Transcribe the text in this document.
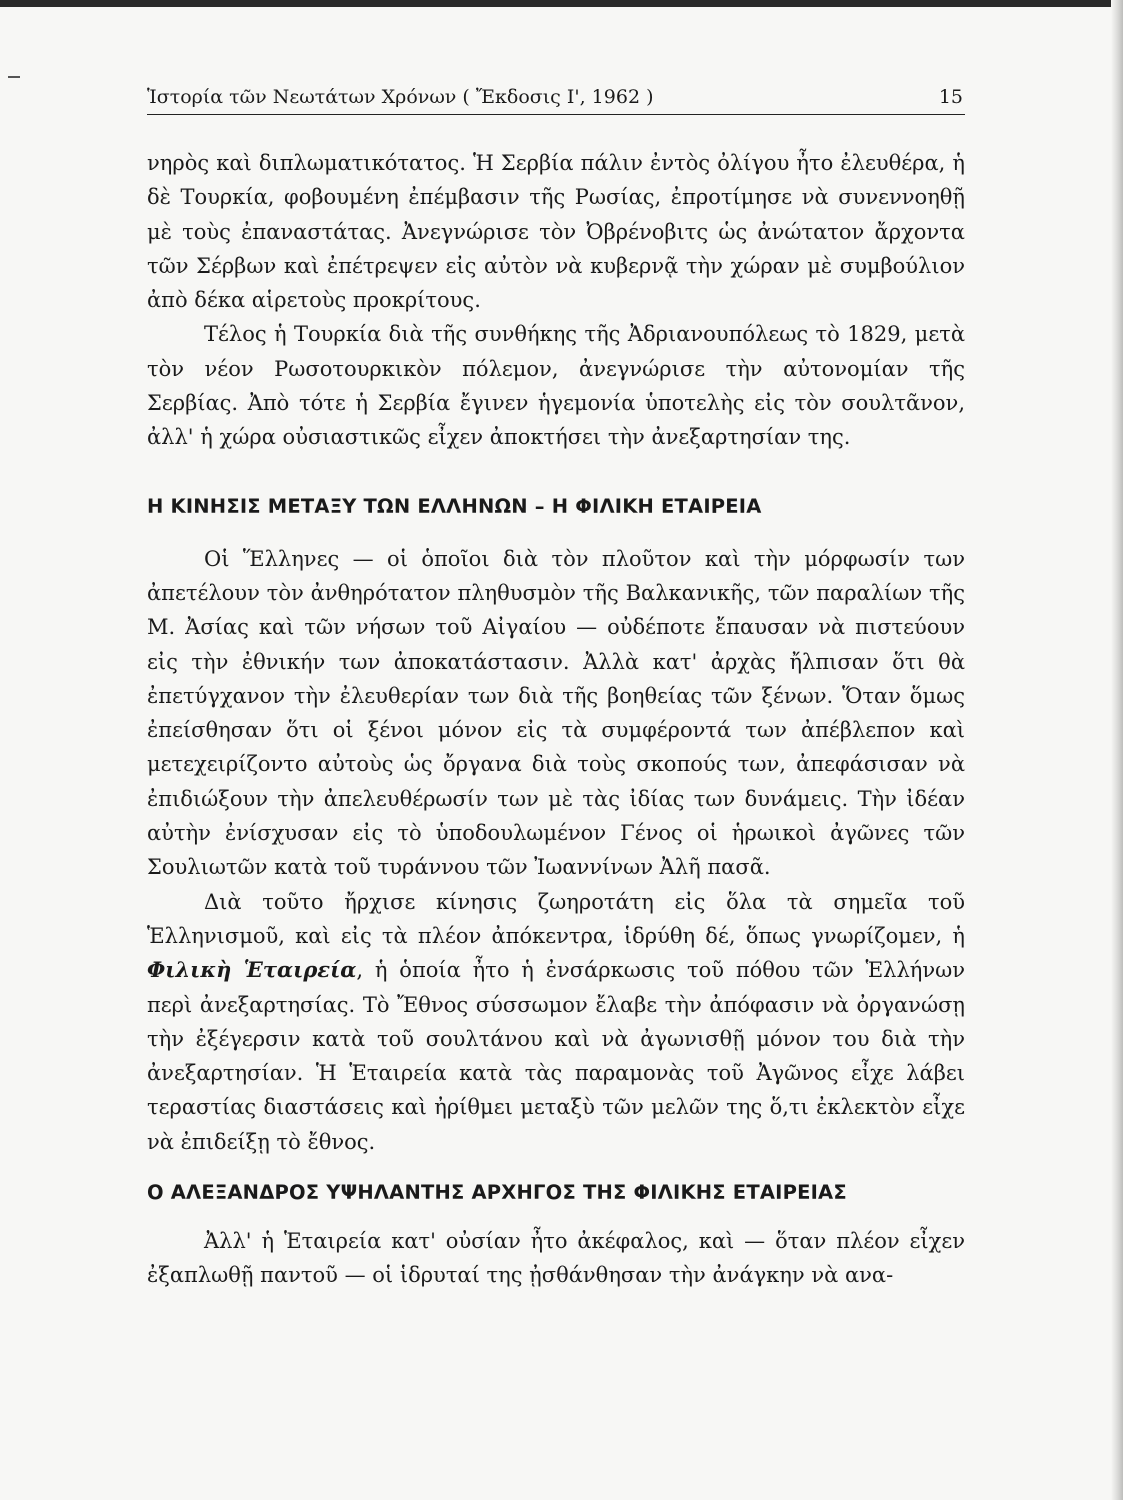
Ἱστορία τῶν Νεωτάτων Χρόνων ( Ἔκδοσις Ι', 1962 )	15

νηρὸς καὶ διπλωματικότατος. Ἡ Σερβία πάλιν ἐντὸς ὀλίγου ἦτο ἐλευθέρα, ἡ δὲ Τουρκία, φοβουμένη ἐπέμβασιν τῆς Ρωσίας, ἐπροτίμησε νὰ συνεννοηθῇ μὲ τοὺς ἐπαναστάτας. Ἀνεγνώρισε τὸν Ὀβρένοβιτς ὡς ἀνώτατον ἄρχοντα τῶν Σέρβων καὶ ἐπέτρεψεν εἰς αὐτὸν νὰ κυβερνᾷ τὴν χώραν μὲ συμβούλιον ἀπὸ δέκα αἱρετοὺς προκρίτους.

Τέλος ἡ Τουρκία διὰ τῆς συνθήκης τῆς Ἀδριανουπόλεως τὸ 1829, μετὰ τὸν νέον Ρωσοτουρκικὸν πόλεμον, ἀνεγνώρισε τὴν αὐτονομίαν τῆς Σερβίας. Ἀπὸ τότε ἡ Σερβία ἔγινεν ἡγεμονία ὑποτελὴς εἰς τὸν σουλτᾶνον, ἀλλ' ἡ χώρα οὐσιαστικῶς εἶχεν ἀποκτήσει τὴν ἀνεξαρτησίαν της.

Η ΚΙΝΗΣΙΣ ΜΕΤΑΞΥ ΤΩΝ ΕΛΛΗΝΩΝ – Η ΦΙΛΙΚΗ ΕΤΑΙΡΕΙΑ

Οἱ Ἕλληνες — οἱ ὁποῖοι διὰ τὸν πλοῦτον καὶ τὴν μόρφωσίν των ἀπετέλουν τὸν ἀνθηρότατον πληθυσμὸν τῆς Βαλκανικῆς, τῶν παραλίων τῆς Μ. Ἀσίας καὶ τῶν νήσων τοῦ Αἰγαίου — οὐδέποτε ἔπαυσαν νὰ πιστεύουν εἰς τὴν ἐθνικήν των ἀποκατάστασιν. Ἀλλὰ κατ' ἀρχὰς ἤλπισαν ὅτι θὰ ἐπετύγχανον τὴν ἐλευθερίαν των διὰ τῆς βοηθείας τῶν ξένων. Ὅταν ὅμως ἐπείσθησαν ὅτι οἱ ξένοι μόνον εἰς τὰ συμφέροντά των ἀπέβλεπον καὶ μετεχειρίζοντο αὐτοὺς ὡς ὄργανα διὰ τοὺς σκοπούς των, ἀπεφάσισαν νὰ ἐπιδιώξουν τὴν ἀπελευθέρωσίν των μὲ τὰς ἰδίας των δυνάμεις. Τὴν ἰδέαν αὐτὴν ἐνίσχυσαν εἰς τὸ ὑποδουλωμένον Γένος οἱ ἡρωικοὶ ἀγῶνες τῶν Σουλιωτῶν κατὰ τοῦ τυράννου τῶν Ἰωαννίνων Ἀλῆ πασᾶ.

Διὰ τοῦτο ἤρχισε κίνησις ζωηροτάτη εἰς ὅλα τὰ σημεῖα τοῦ Ἑλληνισμοῦ, καὶ εἰς τὰ πλέον ἀπόκεντρα, ἱδρύθη δέ, ὅπως γνωρίζομεν, ἡ Φιλικὴ Ἑταιρεία, ἡ ὁποία ἦτο ἡ ἐνσάρκωσις τοῦ πόθου τῶν Ἑλλήνων περὶ ἀνεξαρτησίας. Τὸ Ἔθνος σύσσωμον ἔλαβε τὴν ἀπόφασιν νὰ ὀργανώσῃ τὴν ἐξέγερσιν κατὰ τοῦ σουλτάνου καὶ νὰ ἀγωνισθῇ μόνον του διὰ τὴν ἀνεξαρτησίαν. Ἡ Ἑταιρεία κατὰ τὰς παραμονὰς τοῦ Ἀγῶνος εἶχε λάβει τεραστίας διαστάσεις καὶ ἠρίθμει μεταξὺ τῶν μελῶν της ὅ,τι ἐκλεκτὸν εἶχε νὰ ἐπιδείξῃ τὸ ἔθνος.

Ο ΑΛΕΞΑΝΔΡΟΣ ΥΨΗΛΑΝΤΗΣ ΑΡΧΗΓΟΣ ΤΗΣ ΦΙΛΙΚΗΣ ΕΤΑΙΡΕΙΑΣ

Ἀλλ' ἡ Ἑταιρεία κατ' οὐσίαν ἦτο ἀκέφαλος, καὶ — ὅταν πλέον εἶχεν ἐξαπλωθῇ παντοῦ — οἱ ἱδρυταί της ᾐσθάνθησαν τὴν ἀνάγκην νὰ ανα-
